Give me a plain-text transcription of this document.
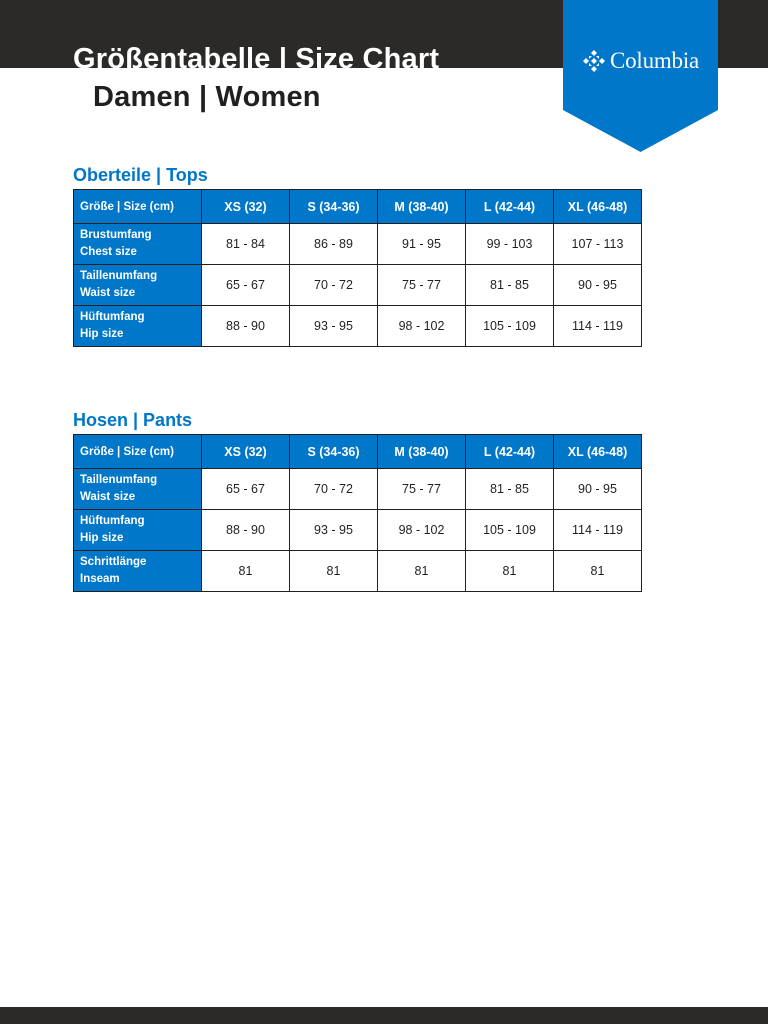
Größentabelle | Size Chart
Damen | Women
Columbia
Oberteile | Tops
Größe | Size (cm)	XS (32)	S (34-36)	M (38-40)	L (42-44)	XL (46-48)

Brustumfang
Chest size	81 - 84	86 - 89	91 - 95	99 - 103	107 - 113

Taillenumfang
Waist size	65 - 67	70 - 72	75 - 77	81 - 85	90 - 95

Hüftumfang
Hip size	88 - 90	93 - 95	98 - 102	105 - 109	114 - 119
Hosen | Pants
Größe | Size (cm)	XS (32)	S (34-36)	M (38-40)	L (42-44)	XL (46-48)

Taillenumfang
Waist size	65 - 67	70 - 72	75 - 77	81 - 85	90 - 95

Hüftumfang
Hip size	88 - 90	93 - 95	98 - 102	105 - 109	114 - 119

Schrittlänge
Inseam	81	81	81	81	81
